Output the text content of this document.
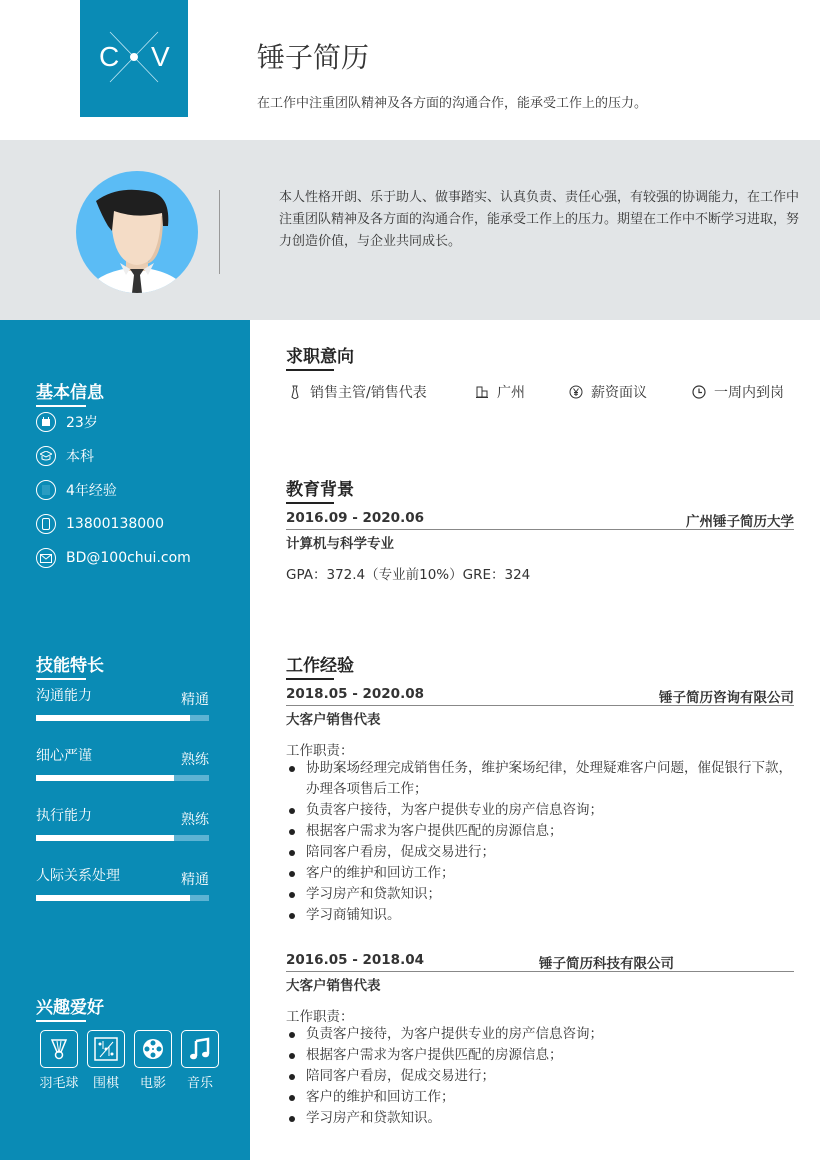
C V	锤子简历
在工作中注重团队精神及各方面的沟通合作，能承受工作上的压力。
本人性格开朗、乐于助人、做事踏实、认真负责、责任心强，有较强的协调能力，在工作中注重团队精神及各方面的沟通合作，能承受工作上的压力。期望在工作中不断学习进取，努力创造价值，与企业共同成长。
基本信息
23岁
本科
4年经验
13800138000
BD@100chui.com
技能特长
沟通能力	精通
细心严谨	熟练
执行能力	熟练
人际关系处理	精通
兴趣爱好
羽毛球	围棋	电影	音乐
求职意向
销售主管/销售代表	广州	薪资面议	一周内到岗
教育背景
2016.09 - 2020.06	广州锤子简历大学
计算机与科学专业
GPA：372.4（专业前10%）GRE：324
工作经验
2018.05 - 2020.08	锤子简历咨询有限公司
大客户销售代表
工作职责：
协助案场经理完成销售任务，维护案场纪律，处理疑难客户问题，催促银行下款，办理各项售后工作；
负责客户接待，为客户提供专业的房产信息咨询；
根据客户需求为客户提供匹配的房源信息；
陪同客户看房，促成交易进行；
客户的维护和回访工作；
学习房产和贷款知识；
学习商铺知识。
2016.05 - 2018.04	锤子简历科技有限公司
大客户销售代表
工作职责：
负责客户接待，为客户提供专业的房产信息咨询；
根据客户需求为客户提供匹配的房源信息；
陪同客户看房，促成交易进行；
客户的维护和回访工作；
学习房产和贷款知识。
